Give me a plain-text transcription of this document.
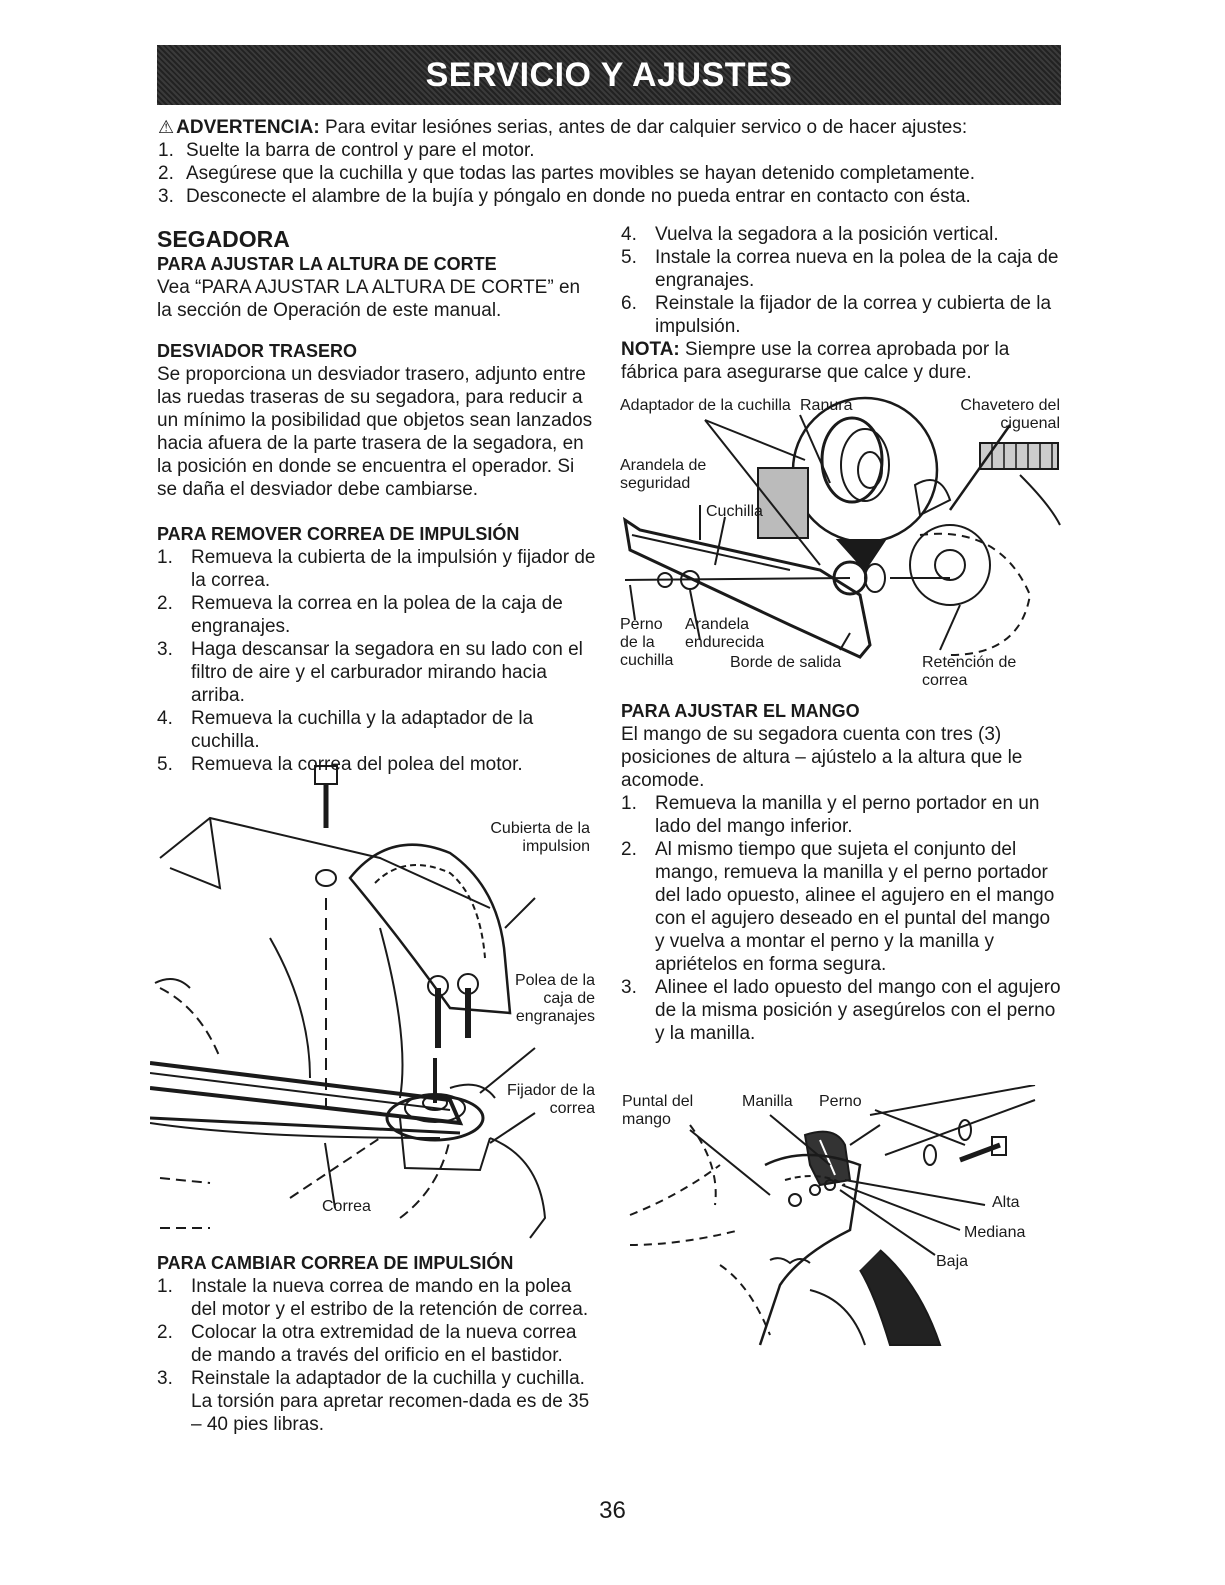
SERVICIO Y AJUSTES
⚠ ADVERTENCIA: Para evitar lesiónes serias, antes de dar calquier servico o de hacer ajustes:
1. Suelte la barra de control y pare el motor.
2. Asegúrese que la cuchilla y que todas las partes movibles se hayan detenido completamente.
3. Desconecte el alambre de la bujía y póngalo en donde no pueda entrar en contacto con ésta.
SEGADORA
PARA AJUSTAR LA ALTURA DE CORTE

Vea “PARA AJUSTAR LA ALTURA DE CORTE” en la sección de Operación de este manual.

DESVIADOR TRASERO

Se proporciona un desviador trasero, adjunto entre las ruedas traseras de su segadora, para reducir a un mínimo la posibilidad que objetos sean lanzados hacia afuera de la parte trasera de la segadora, en la posición en donde se encuentra el operador. Si se daña el desviador debe cambiarse.

PARA REMOVER CORREA DE IMPULSIÓN
1. Remueva la cubierta de la impulsión y fijador de la correa.
2. Remueva la correa en la polea de la caja de engranajes.
3. Haga descansar la segadora en su lado con el filtro de aire y el carburador mirando hacia arriba.
4. Remueva la cuchilla y la adaptador de la cuchilla.
5. Remueva la correa del polea del motor.
Cubierta de la impulsion
Polea de la caja de engranajes
Fijador de la correa
Correa
PARA CAMBIAR CORREA DE IMPULSIÓN
1. Instale la nueva correa de mando en la polea del motor y el estribo de la retención de correa.
2. Colocar la otra extremidad de la nueva correa de mando a través del orificio en el bastidor.
3. Reinstale la adaptador de la cuchilla y cuchilla. La torsión para apretar recomen-dada es de 35 – 40 pies libras.
4. Vuelva la segadora a la posición vertical.
5. Instale la correa nueva en la polea de la caja de engranajes.
6. Reinstale la fijador de la correa y cubierta de la impulsión.

NOTA: Siempre use la correa aprobada por la fábrica para asegurarse que calce y dure.

Adaptador de la cuchilla Ranura	Chavetero del ciguenal
Arandela de seguridad
Cuchilla
Perno de la cuchilla
Arandela endurecida
Borde de salida	Retención de correa
PARA AJUSTAR EL MANGO

El mango de su segadora cuenta con tres (3) posiciones de altura – ajústelo a la altura que le acomode.

1. Remueva la manilla y el perno portador en un lado del mango inferior.
2. Al mismo tiempo que sujeta el conjunto del mango, remueva la manilla y el perno portador del lado opuesto, alinee el agujero en el mango con el agujero deseado en el puntal del mango y vuelva a montar el perno y la manilla y apriételos en forma segura.
3. Alinee el lado opuesto del mango con el agujero de la misma posición y asegúrelos con el perno y la manilla.
Puntal del mango
Manilla Perno
Alta
Mediana
Baja
36
